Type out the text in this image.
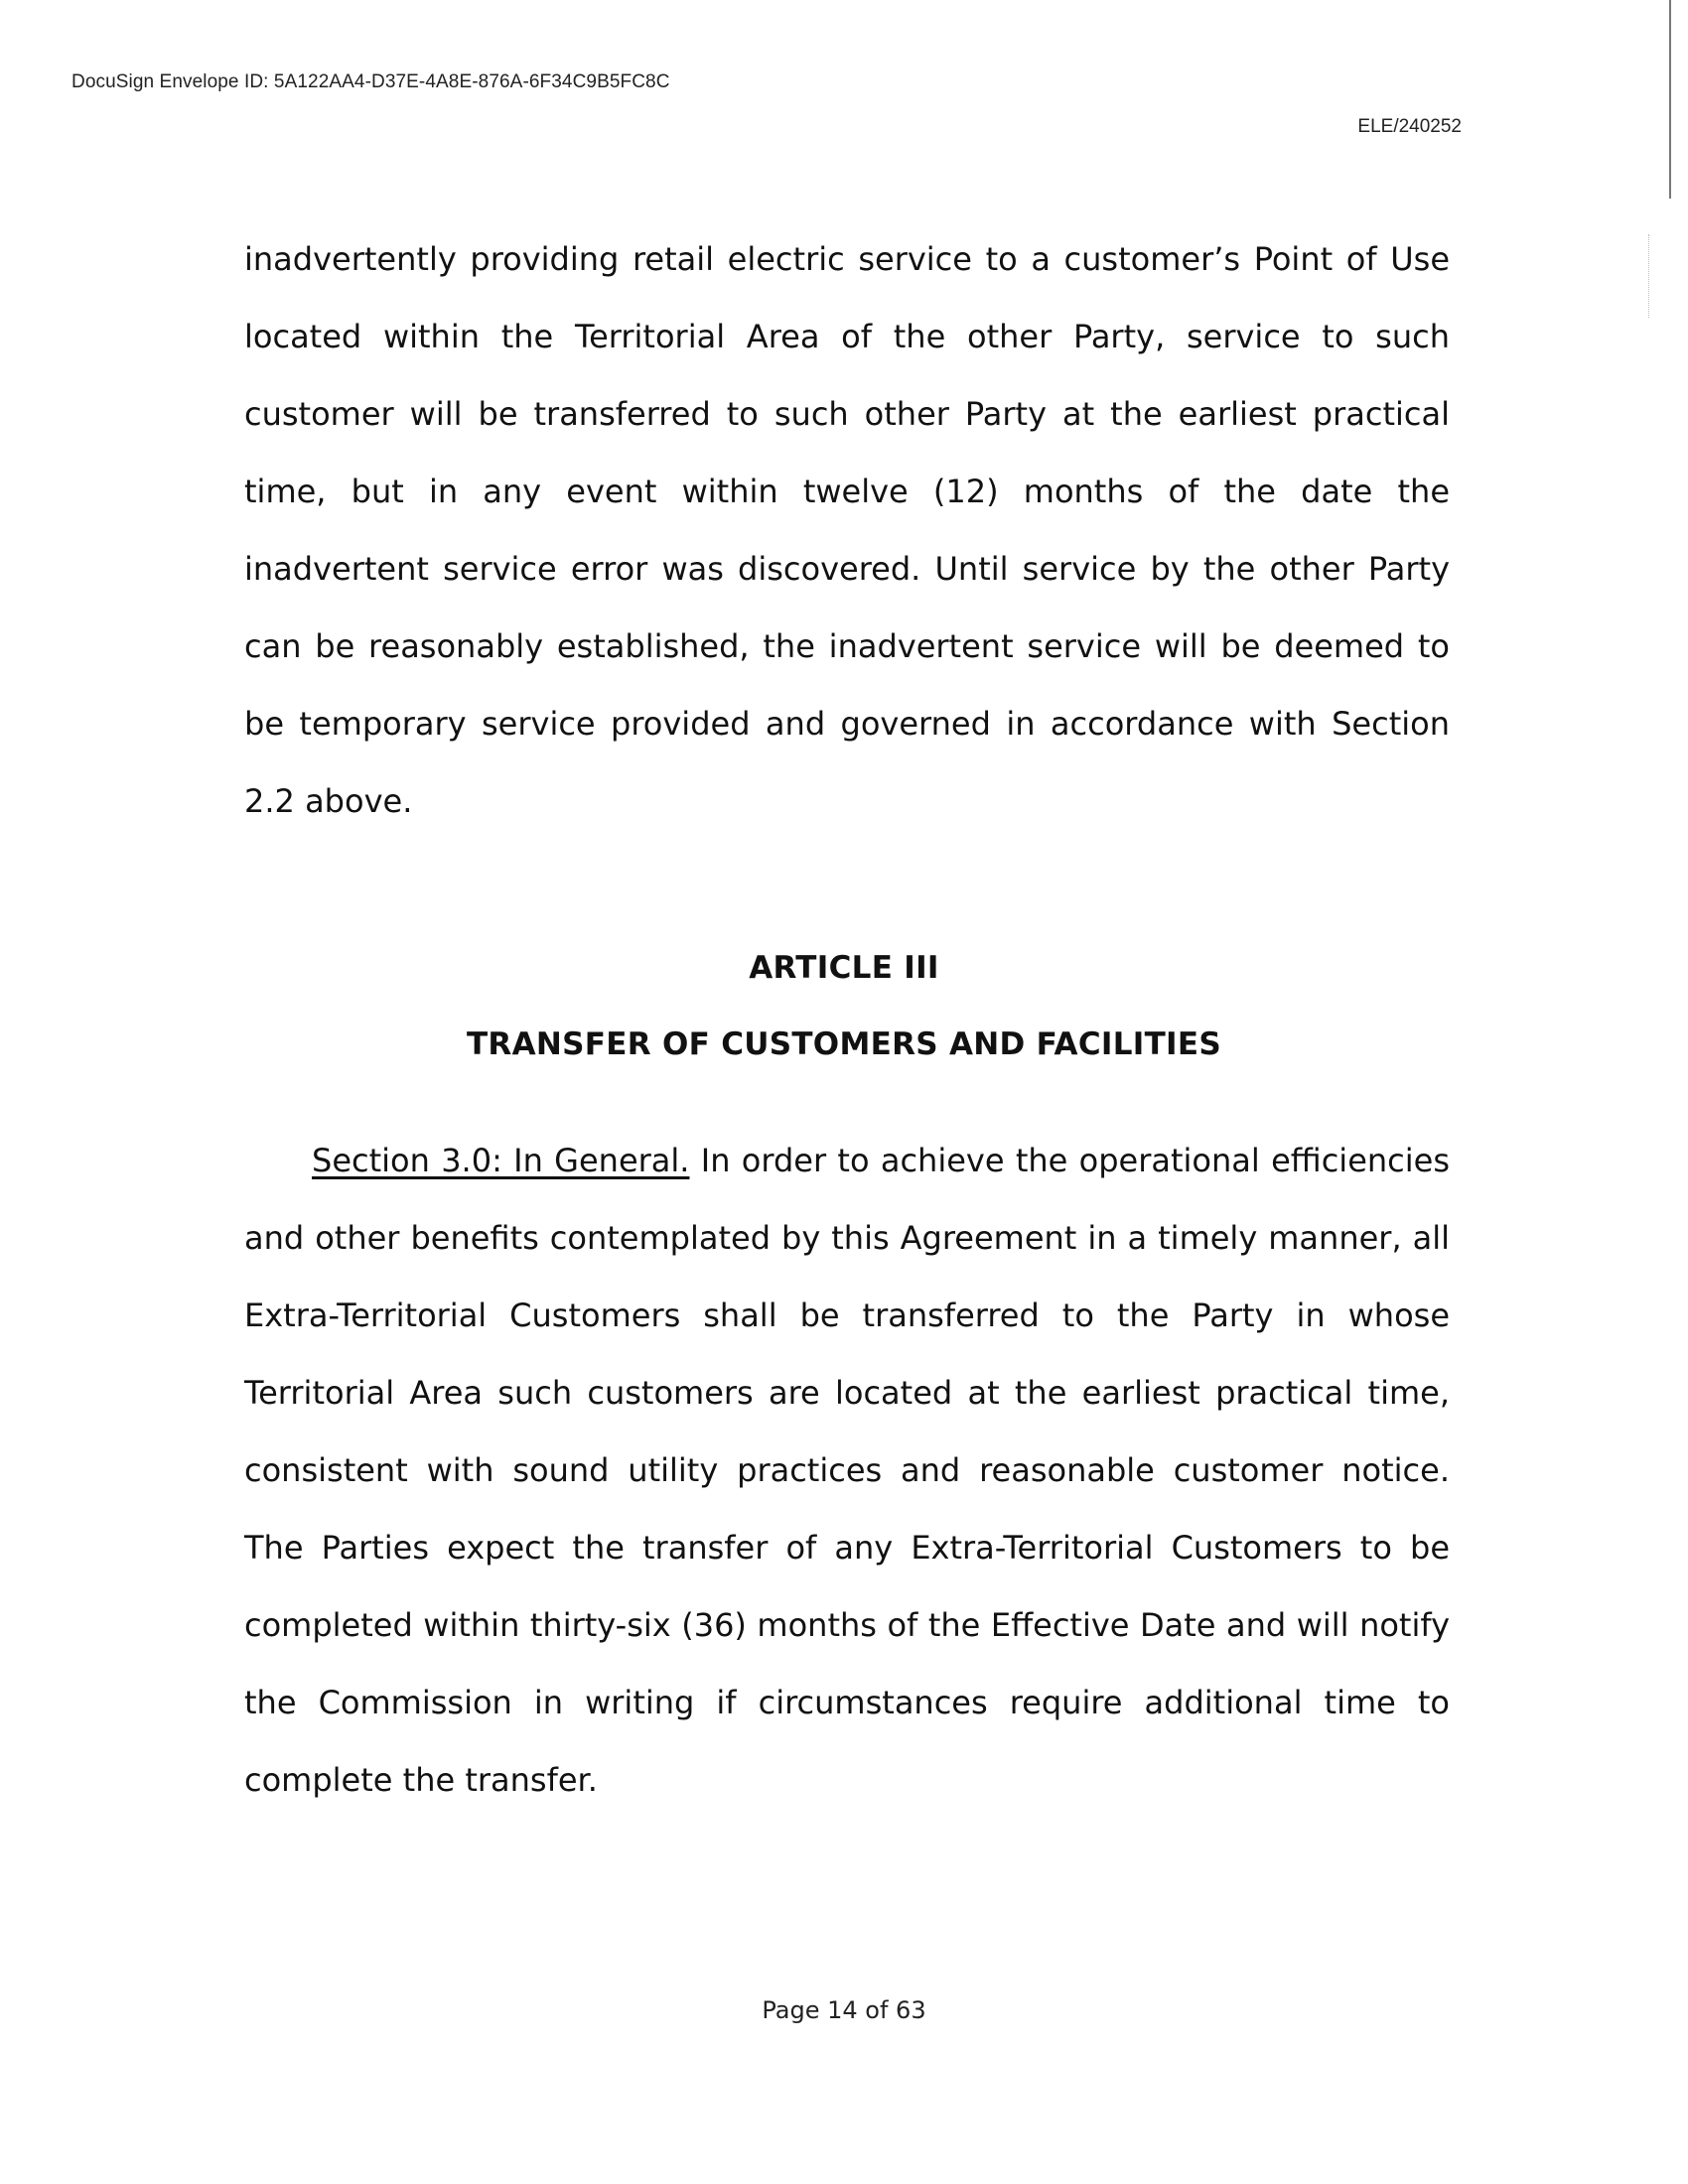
DocuSign Envelope ID: 5A122AA4-D37E-4A8E-876A-6F34C9B5FC8C
ELE/240252

inadvertently providing retail electric service to a customer’s Point of Use located within the Territorial Area of the other Party, service to such customer will be transferred to such other Party at the earliest practical time, but in any event within twelve (12) months of the date the inadvertent service error was discovered. Until service by the other Party can be reasonably established, the inadvertent service will be deemed to be temporary service provided and governed in accordance with Section 2.2 above.

ARTICLE III
TRANSFER OF CUSTOMERS AND FACILITIES

Section 3.0: In General. In order to achieve the operational efficiencies and other benefits contemplated by this Agreement in a timely manner, all Extra-Territorial Customers shall be transferred to the Party in whose Territorial Area such customers are located at the earliest practical time, consistent with sound utility practices and reasonable customer notice. The Parties expect the transfer of any Extra-Territorial Customers to be completed within thirty-six (36) months of the Effective Date and will notify the Commission in writing if circumstances require additional time to complete the transfer.

Page 14 of 63
